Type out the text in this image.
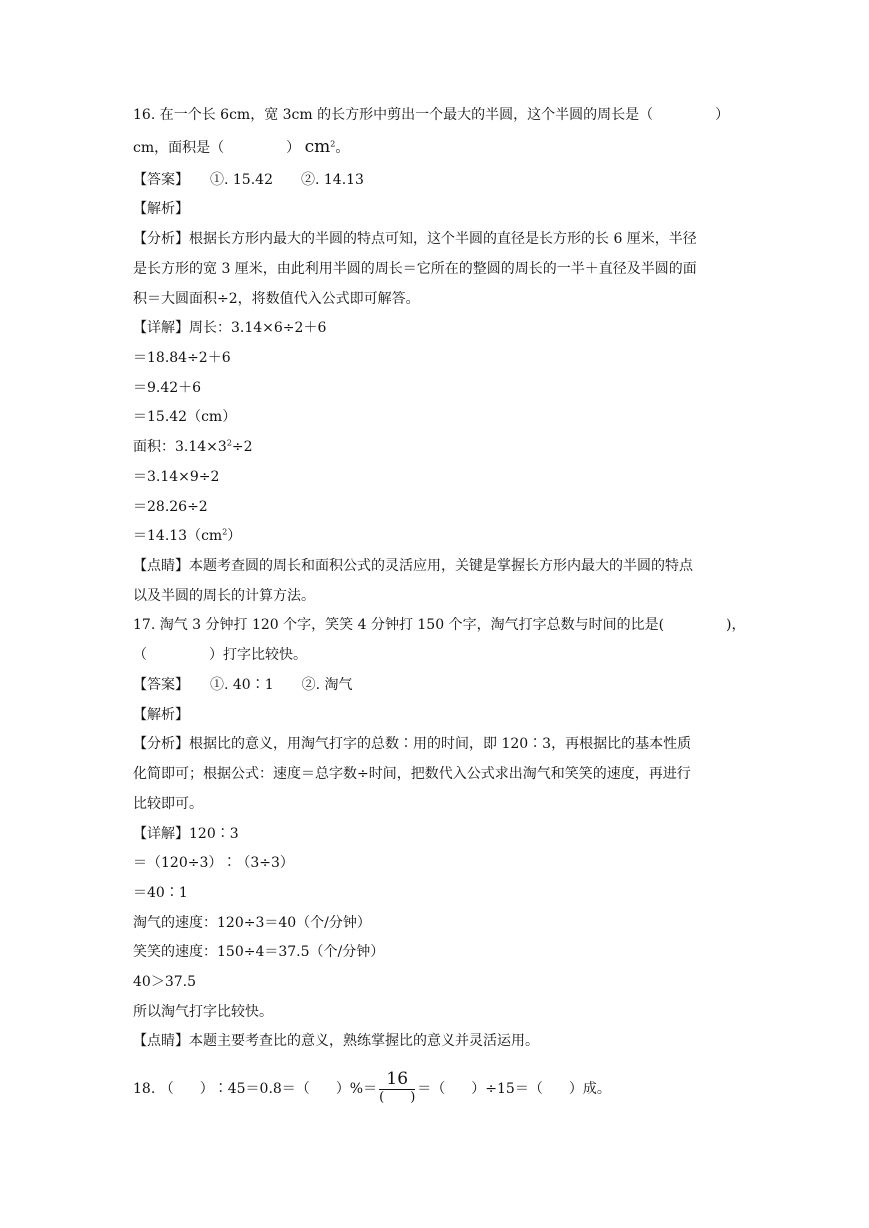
16. 在一个长 6cm，宽 3cm 的长方形中剪出一个最大的半圆，这个半圆的周长是（	）
cm，面积是（	） $cm^2$。
【答案】　　①. 15.42　　②. 14.13
【解析】
【分析】根据长方形内最大的半圆的特点可知，这个半圆的直径是长方形的长 6 厘米，半径
是长方形的宽 3 厘米，由此利用半圆的周长＝它所在的整圆的周长的一半＋直径及半圆的面
积＝大圆面积÷2，将数值代入公式即可解答。
【详解】周长：3.14×6÷2＋6
＝18.84÷2＋6
＝9.42＋6
＝15.42（cm）
面积：$3.14\times 3^2\div 2$
＝3.14×9÷2
＝28.26÷2
$=14.13(cm^2)$
【点睛】本题考查圆的周长和面积公式的灵活应用，关键是掌握长方形内最大的半圆的特点
以及半圆的周长的计算方法。
17. 淘气 3 分钟打 120 个字，笑笑 4 分钟打 150 个字，淘气打字总数与时间的比是(	)，
（	）打字比较快。
【答案】　　①. 40∶1　　②. 淘气
【解析】
【分析】根据比的意义，用淘气打字的总数∶用的时间，即 120∶3，再根据比的基本性质
化简即可；根据公式：速度＝总字数÷时间，把数代入公式求出淘气和笑笑的速度，再进行
比较即可。
【详解】120∶3
＝（120÷3）∶（3÷3）
＝40∶1
淘气的速度：120÷3＝40（个/分钟）
笑笑的速度：150÷4＝37.5（个/分钟）
40＞37.5
所以淘气打字比较快。
【点睛】本题主要考查比的意义，熟练掌握比的意义并灵活运用。
18. （ ）∶45＝0.8＝（ ）%＝ $\frac{16}{( )}$ ＝（ ）÷15＝（ ）成。
